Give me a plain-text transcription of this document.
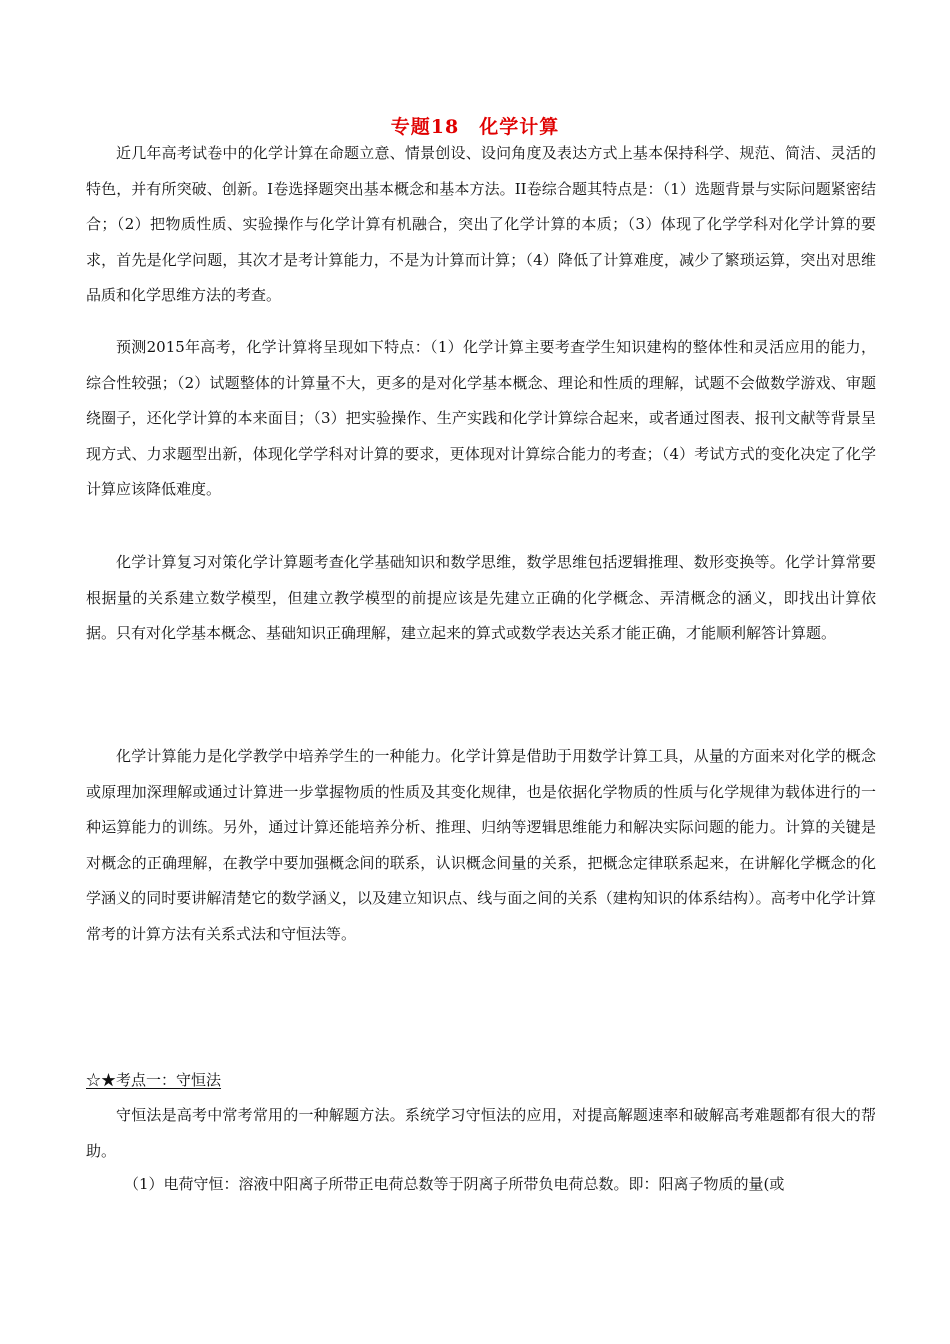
专题18　化学计算

近几年高考试卷中的化学计算在命题立意、情景创设、设问角度及表达方式上基本保持科学、规范、简洁、灵活的特色，并有所突破、创新。I卷选择题突出基本概念和基本方法。II卷综合题其特点是：（1）选题背景与实际问题紧密结合；（2）把物质性质、实验操作与化学计算有机融合，突出了化学计算的本质；（3）体现了化学学科对化学计算的要求，首先是化学问题，其次才是考计算能力，不是为计算而计算；（4）降低了计算难度，减少了繁琐运算，突出对思维品质和化学思维方法的考查。

预测2015年高考，化学计算将呈现如下特点：（1）化学计算主要考查学生知识建构的整体性和灵活应用的能力，综合性较强；（2）试题整体的计算量不大，更多的是对化学基本概念、理论和性质的理解，试题不会做数学游戏、审题绕圈子，还化学计算的本来面目；（3）把实验操作、生产实践和化学计算综合起来，或者通过图表、报刊文献等背景呈现方式、力求题型出新，体现化学学科对计算的要求，更体现对计算综合能力的考查；（4）考试方式的变化决定了化学计算应该降低难度。

化学计算复习对策化学计算题考查化学基础知识和数学思维，数学思维包括逻辑推理、数形变换等。化学计算常要根据量的关系建立数学模型，但建立教学模型的前提应该是先建立正确的化学概念、弄清概念的涵义，即找出计算依据。只有对化学基本概念、基础知识正确理解，建立起来的算式或数学表达关系才能正确，才能顺利解答计算题。

化学计算能力是化学教学中培养学生的一种能力。化学计算是借助于用数学计算工具，从量的方面来对化学的概念或原理加深理解或通过计算进一步掌握物质的性质及其变化规律，也是依据化学物质的性质与化学规律为载体进行的一种运算能力的训练。另外，通过计算还能培养分析、推理、归纳等逻辑思维能力和解决实际问题的能力。计算的关键是对概念的正确理解，在教学中要加强概念间的联系，认识概念间量的关系，把概念定律联系起来，在讲解化学概念的化学涵义的同时要讲解清楚它的数学涵义，以及建立知识点、线与面之间的关系（建构知识的体系结构）。高考中化学计算常考的计算方法有关系式法和守恒法等。

☆★考点一：守恒法

守恒法是高考中常考常用的一种解题方法。系统学习守恒法的应用，对提高解题速率和破解高考难题都有很大的帮助。

（1）电荷守恒：溶液中阳离子所带正电荷总数等于阴离子所带负电荷总数。即：阳离子物质的量(或
